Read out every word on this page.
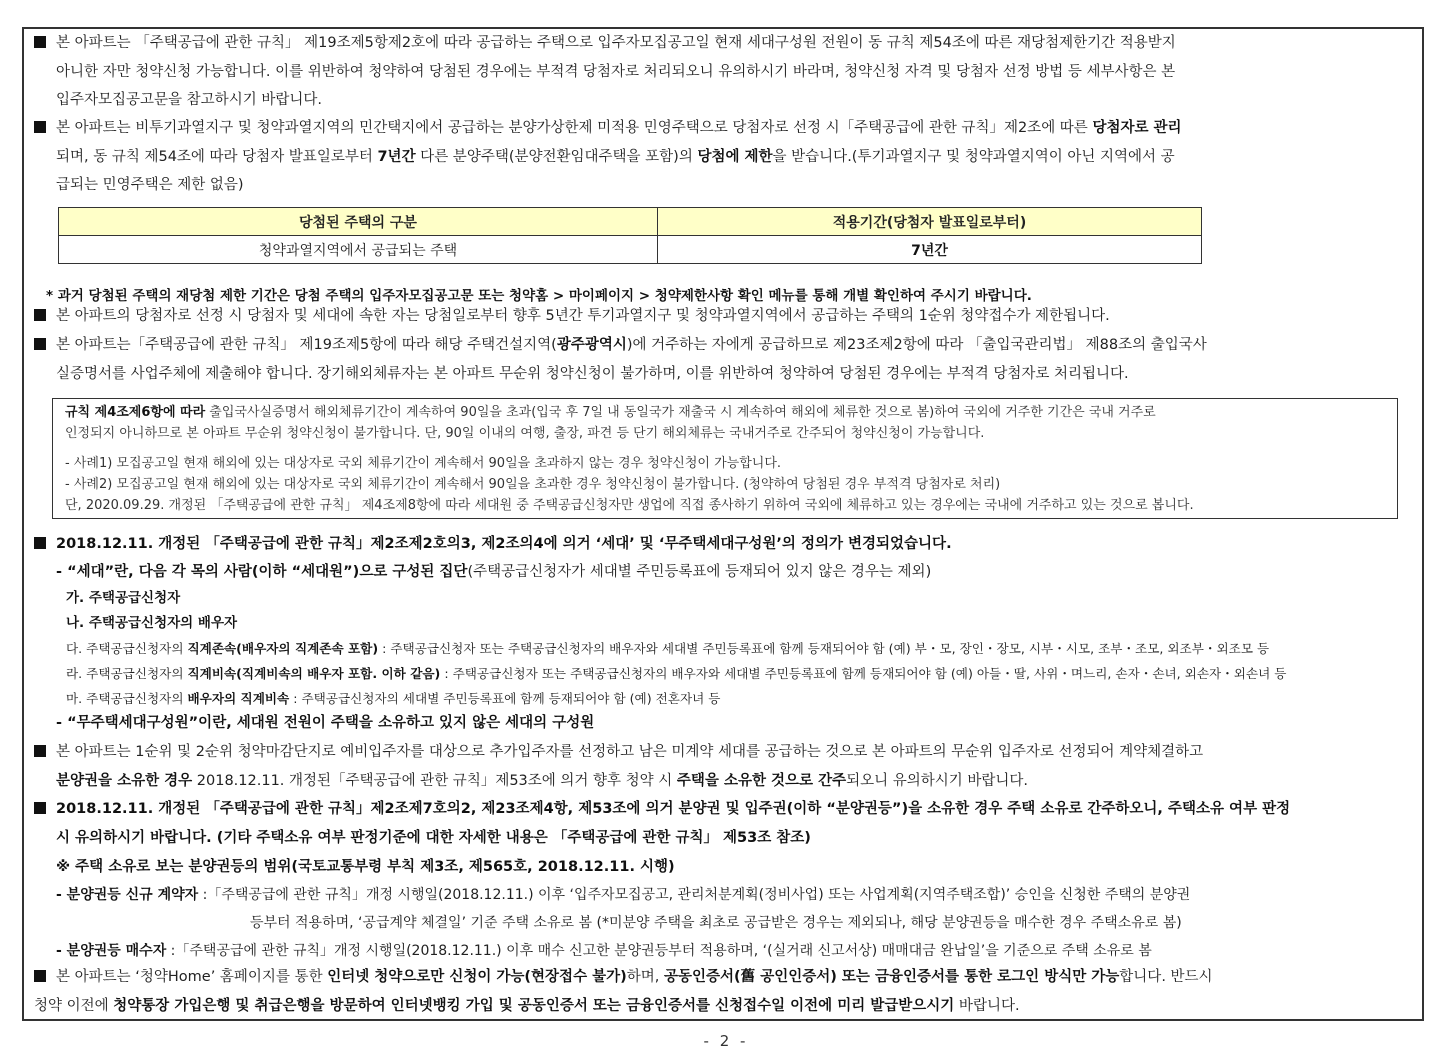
본 아파트는 「주택공급에 관한 규칙」 제19조제5항제2호에 따라 공급하는 주택으로 입주자모집공고일 현재 세대구성원 전원이 동 규칙 제54조에 따른 재당첨제한기간 적용받지
아니한 자만 청약신청 가능합니다. 이를 위반하여 청약하여 당첨된 경우에는 부적격 당첨자로 처리되오니 유의하시기 바라며, 청약신청 자격 및 당첨자 선정 방법 등 세부사항은 본
입주자모집공고문을 참고하시기 바랍니다.
본 아파트는 비투기과열지구 및 청약과열지역의 민간택지에서 공급하는 분양가상한제 미적용 민영주택으로 당첨자로 선정 시「주택공급에 관한 규칙」제2조에 따른 당첨자로 관리
되며, 동 규칙 제54조에 따라 당첨자 발표일로부터 7년간 다른 분양주택(분양전환임대주택을 포함)의 당첨에 제한을 받습니다.(투기과열지구 및 청약과열지역이 아닌 지역에서 공
급되는 민영주택은 제한 없음)
당첨된 주택의 구분	적용기간(당첨자 발표일로부터)
청약과열지역에서 공급되는 주택	7년간
* 과거 당첨된 주택의 재당첨 제한 기간은 당첨 주택의 입주자모집공고문 또는 청약홈 > 마이페이지 > 청약제한사항 확인 메뉴를 통해 개별 확인하여 주시기 바랍니다.
본 아파트의 당첨자로 선정 시 당첨자 및 세대에 속한 자는 당첨일로부터 향후 5년간 투기과열지구 및 청약과열지역에서 공급하는 주택의 1순위 청약접수가 제한됩니다.
본 아파트는「주택공급에 관한 규칙」 제19조제5항에 따라 해당 주택건설지역(광주광역시)에 거주하는 자에게 공급하므로 제23조제2항에 따라 「출입국관리법」 제88조의 출입국사
실증명서를 사업주체에 제출해야 합니다. 장기해외체류자는 본 아파트 무순위 청약신청이 불가하며, 이를 위반하여 청약하여 당첨된 경우에는 부적격 당첨자로 처리됩니다.
규칙 제4조제6항에 따라 출입국사실증명서 해외체류기간이 계속하여 90일을 초과(입국 후 7일 내 동일국가 재출국 시 계속하여 해외에 체류한 것으로 봄)하여 국외에 거주한 기간은 국내 거주로
인정되지 아니하므로 본 아파트 무순위 청약신청이 불가합니다. 단, 90일 이내의 여행, 출장, 파견 등 단기 해외체류는 국내거주로 간주되어 청약신청이 가능합니다.
- 사례1) 모집공고일 현재 해외에 있는 대상자로 국외 체류기간이 계속해서 90일을 초과하지 않는 경우 청약신청이 가능합니다.
- 사례2) 모집공고일 현재 해외에 있는 대상자로 국외 체류기간이 계속해서 90일을 초과한 경우 청약신청이 불가합니다. (청약하여 당첨된 경우 부적격 당첨자로 처리)
단, 2020.09.29. 개정된 「주택공급에 관한 규칙」 제4조제8항에 따라 세대원 중 주택공급신청자만 생업에 직접 종사하기 위하여 국외에 체류하고 있는 경우에는 국내에 거주하고 있는 것으로 봅니다.
2018.12.11. 개정된 「주택공급에 관한 규칙」제2조제2호의3, 제2조의4에 의거 ‘세대’ 및 ‘무주택세대구성원’의 정의가 변경되었습니다.
- “세대”란, 다음 각 목의 사람(이하 “세대원”)으로 구성된 집단(주택공급신청자가 세대별 주민등록표에 등재되어 있지 않은 경우는 제외)
가. 주택공급신청자
나. 주택공급신청자의 배우자
다. 주택공급신청자의 직계존속(배우자의 직계존속 포함) : 주택공급신청자 또는 주택공급신청자의 배우자와 세대별 주민등록표에 함께 등재되어야 함 (예) 부・모, 장인・장모, 시부・시모, 조부・조모, 외조부・외조모 등
라. 주택공급신청자의 직계비속(직계비속의 배우자 포함. 이하 같음) : 주택공급신청자 또는 주택공급신청자의 배우자와 세대별 주민등록표에 함께 등재되어야 함 (예) 아들・딸, 사위・며느리, 손자・손녀, 외손자・외손녀 등
마. 주택공급신청자의 배우자의 직계비속 : 주택공급신청자의 세대별 주민등록표에 함께 등재되어야 함 (예) 전혼자녀 등
- “무주택세대구성원”이란, 세대원 전원이 주택을 소유하고 있지 않은 세대의 구성원
본 아파트는 1순위 및 2순위 청약마감단지로 예비입주자를 대상으로 추가입주자를 선정하고 남은 미계약 세대를 공급하는 것으로 본 아파트의 무순위 입주자로 선정되어 계약체결하고
분양권을 소유한 경우 2018.12.11. 개정된「주택공급에 관한 규칙」제53조에 의거 향후 청약 시 주택을 소유한 것으로 간주되오니 유의하시기 바랍니다.
2018.12.11. 개정된 「주택공급에 관한 규칙」제2조제7호의2, 제23조제4항, 제53조에 의거 분양권 및 입주권(이하 “분양권등”)을 소유한 경우 주택 소유로 간주하오니, 주택소유 여부 판정
시 유의하시기 바랍니다. (기타 주택소유 여부 판정기준에 대한 자세한 내용은 「주택공급에 관한 규칙」 제53조 참조)
※ 주택 소유로 보는 분양권등의 범위(국토교통부령 부칙 제3조, 제565호, 2018.12.11. 시행)
- 분양권등 신규 계약자 :「주택공급에 관한 규칙」개정 시행일(2018.12.11.) 이후 ‘입주자모집공고, 관리처분계획(정비사업) 또는 사업계획(지역주택조합)’ 승인을 신청한 주택의 분양권
등부터 적용하며, ‘공급계약 체결일’ 기준 주택 소유로 봄 (*미분양 주택을 최초로 공급받은 경우는 제외되나, 해당 분양권등을 매수한 경우 주택소유로 봄)
- 분양권등 매수자 :「주택공급에 관한 규칙」개정 시행일(2018.12.11.) 이후 매수 신고한 분양권등부터 적용하며, ‘(실거래 신고서상) 매매대금 완납일’을 기준으로 주택 소유로 봄
본 아파트는 ‘청약Home’ 홈페이지를 통한 인터넷 청약으로만 신청이 가능(현장접수 불가)하며, 공동인증서(舊 공인인증서) 또는 금융인증서를 통한 로그인 방식만 가능합니다. 반드시
청약 이전에 청약통장 가입은행 및 취급은행을 방문하여 인터넷뱅킹 가입 및 공동인증서 또는 금융인증서를 신청접수일 이전에 미리 발급받으시기 바랍니다.
- 2 -
